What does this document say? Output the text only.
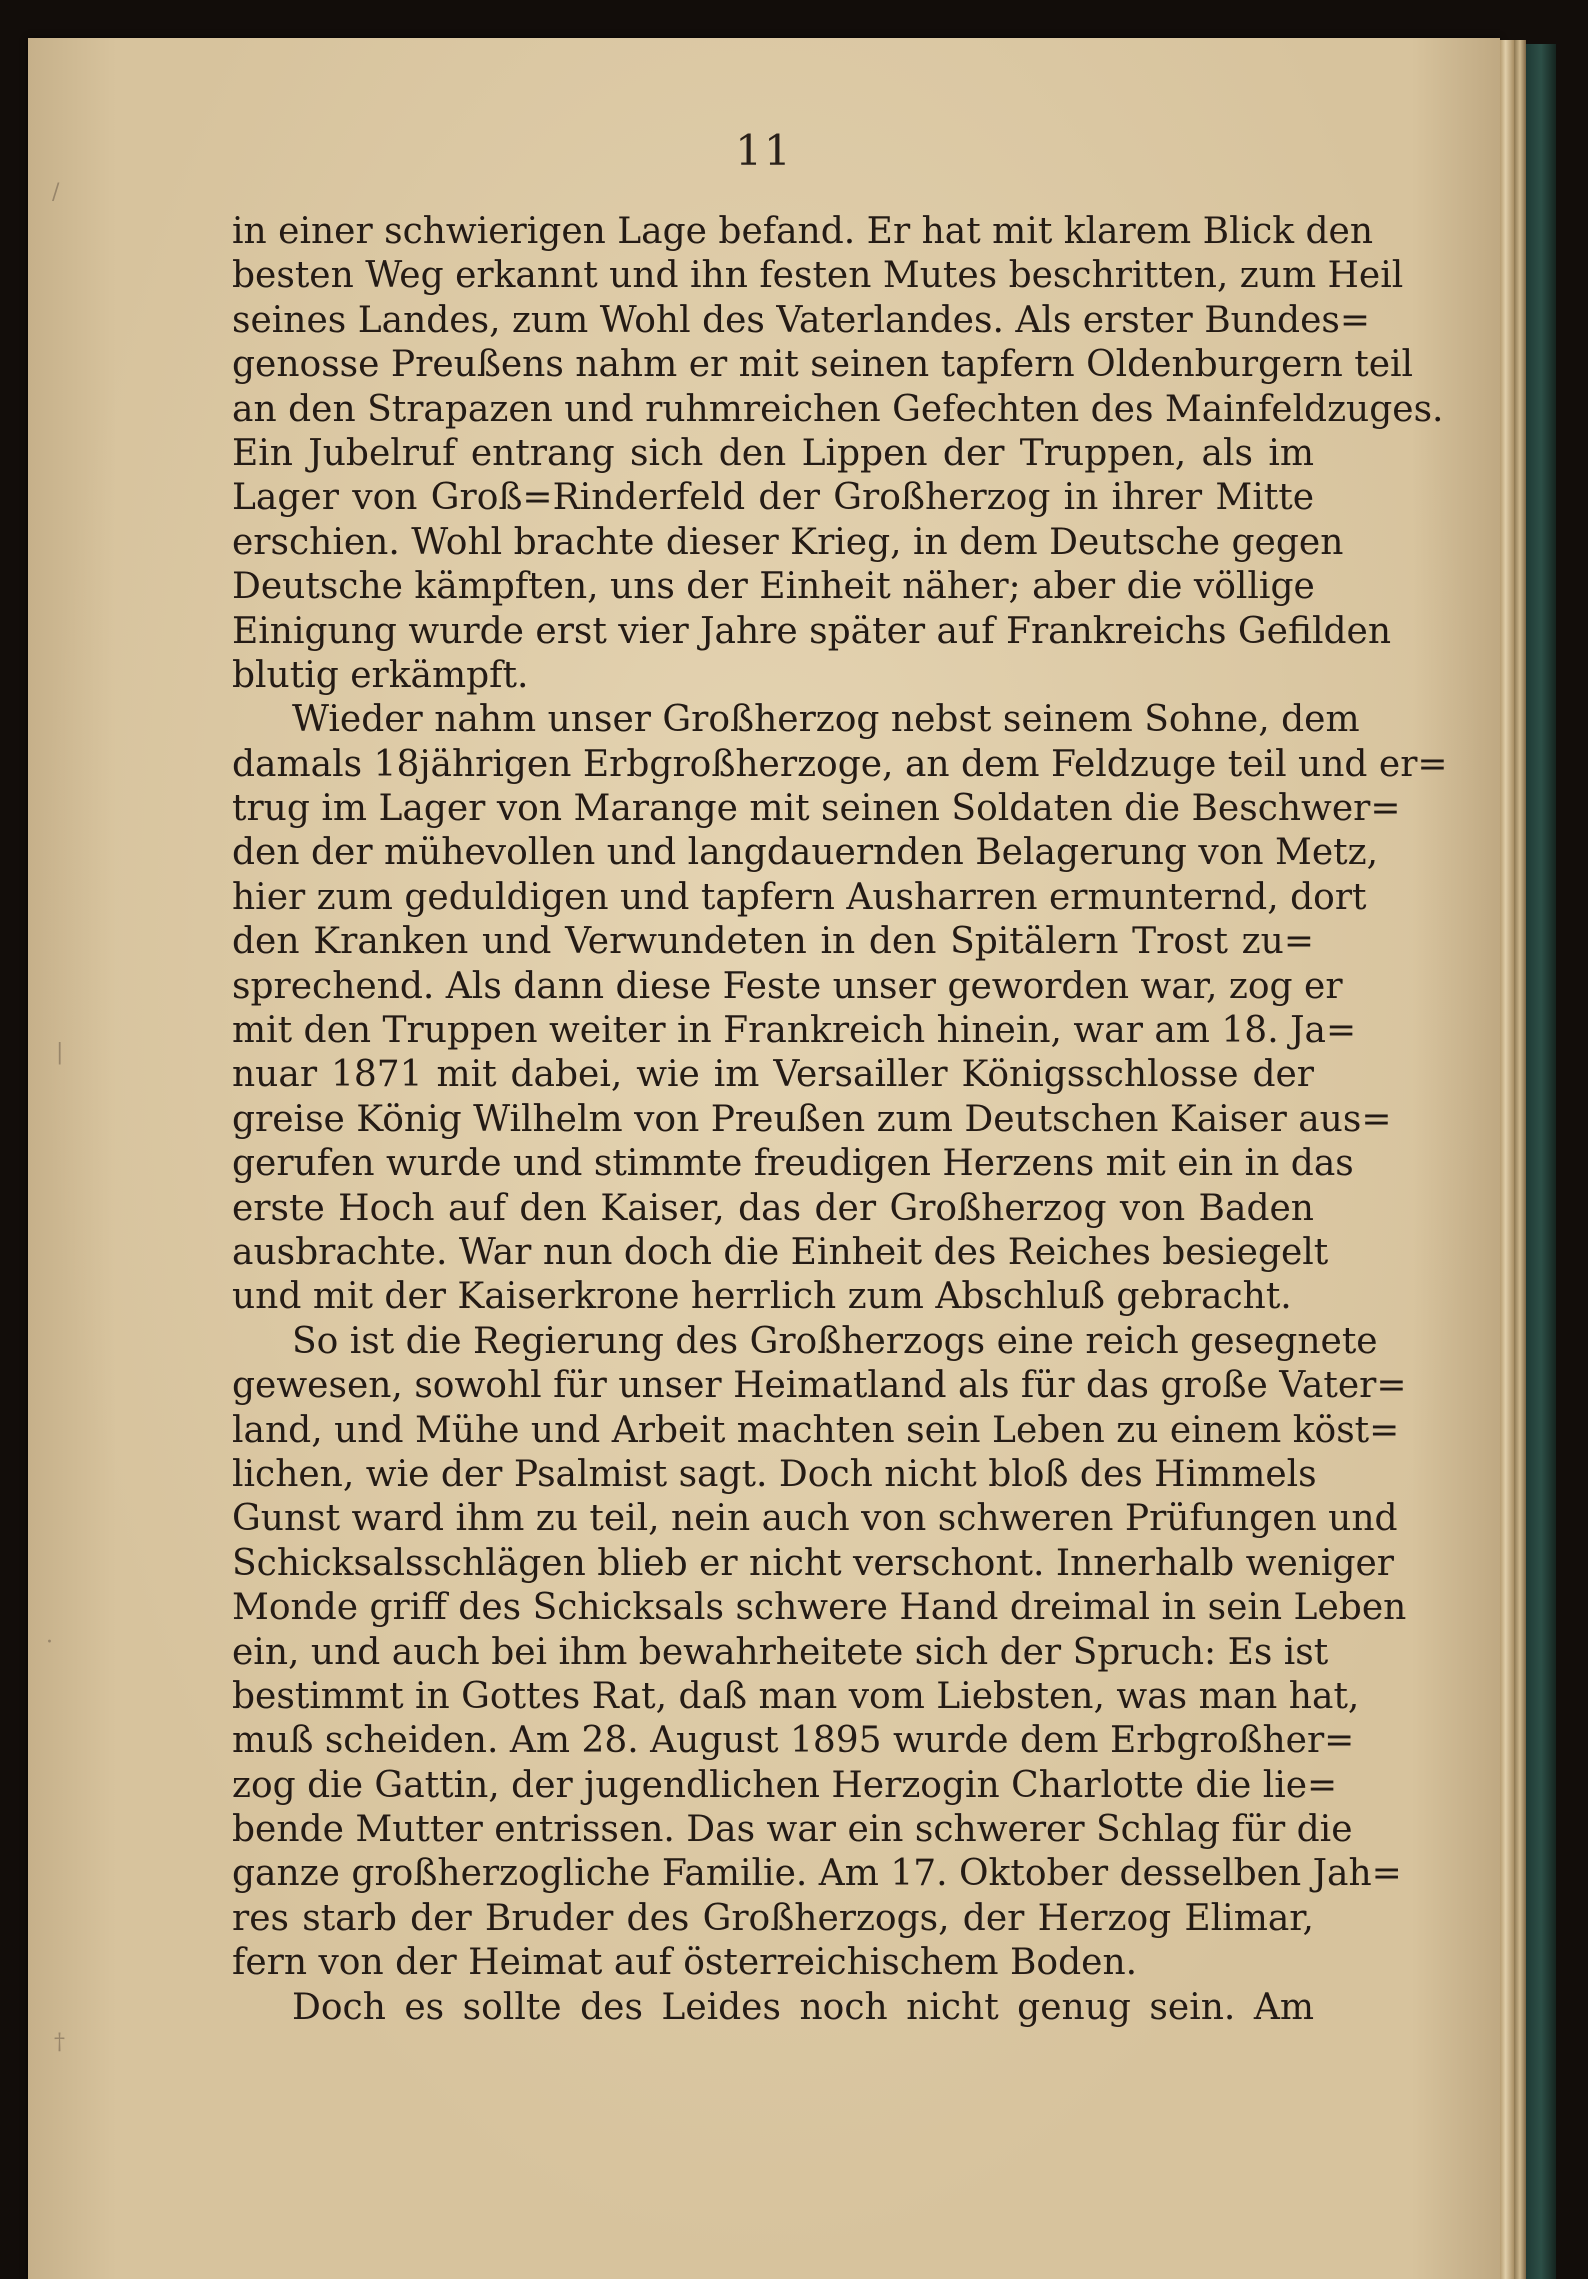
/
|
·
†
11
in einer schwierigen Lage befand. Er hat mit klarem Blick den
besten Weg erkannt und ihn festen Mutes beschritten, zum Heil
seines Landes, zum Wohl des Vaterlandes. Als erster Bundes=
genosse Preußens nahm er mit seinen tapfern Oldenburgern teil
an den Strapazen und ruhmreichen Gefechten des Mainfeldzuges.
Ein Jubelruf entrang sich den Lippen der Truppen, als im
Lager von Groß=Rinderfeld der Großherzog in ihrer Mitte
erschien. Wohl brachte dieser Krieg, in dem Deutsche gegen
Deutsche kämpften, uns der Einheit näher; aber die völlige
Einigung wurde erst vier Jahre später auf Frankreichs Gefilden
blutig erkämpft.
Wieder nahm unser Großherzog nebst seinem Sohne, dem
damals 18jährigen Erbgroßherzoge, an dem Feldzuge teil und er=
trug im Lager von Marange mit seinen Soldaten die Beschwer=
den der mühevollen und langdauernden Belagerung von Metz,
hier zum geduldigen und tapfern Ausharren ermunternd, dort
den Kranken und Verwundeten in den Spitälern Trost zu=
sprechend. Als dann diese Feste unser geworden war, zog er
mit den Truppen weiter in Frankreich hinein, war am 18. Ja=
nuar 1871 mit dabei, wie im Versailler Königsschlosse der
greise König Wilhelm von Preußen zum Deutschen Kaiser aus=
gerufen wurde und stimmte freudigen Herzens mit ein in das
erste Hoch auf den Kaiser, das der Großherzog von Baden
ausbrachte. War nun doch die Einheit des Reiches besiegelt
und mit der Kaiserkrone herrlich zum Abschluß gebracht.
So ist die Regierung des Großherzogs eine reich gesegnete
gewesen, sowohl für unser Heimatland als für das große Vater=
land, und Mühe und Arbeit machten sein Leben zu einem köst=
lichen, wie der Psalmist sagt. Doch nicht bloß des Himmels
Gunst ward ihm zu teil, nein auch von schweren Prüfungen und
Schicksalsschlägen blieb er nicht verschont. Innerhalb weniger
Monde griff des Schicksals schwere Hand dreimal in sein Leben
ein, und auch bei ihm bewahrheitete sich der Spruch: Es ist
bestimmt in Gottes Rat, daß man vom Liebsten, was man hat,
muß scheiden. Am 28. August 1895 wurde dem Erbgroßher=
zog die Gattin, der jugendlichen Herzogin Charlotte die lie=
bende Mutter entrissen. Das war ein schwerer Schlag für die
ganze großherzogliche Familie. Am 17. Oktober desselben Jah=
res starb der Bruder des Großherzogs, der Herzog Elimar,
fern von der Heimat auf österreichischem Boden.
Doch es sollte des Leides noch nicht genug sein. Am
